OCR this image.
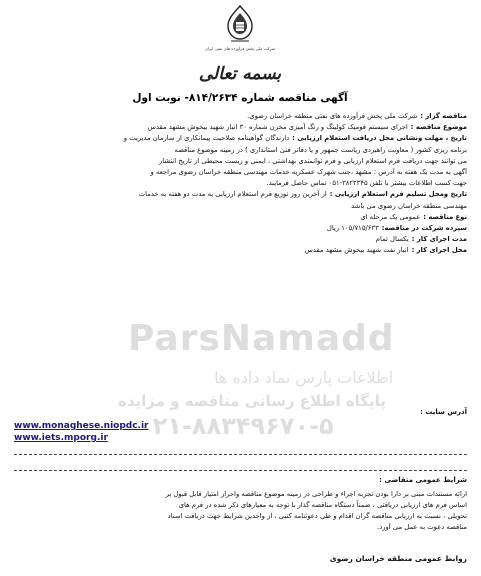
شرکت ملی پخش فرآورده های نفتی ایران
بسمه تعالی
آگهی مناقصه شماره ۸۱۴/۲۶۳۴- نوبت اول
مناقصه گزار :شرکت ملی پخش فرآورده های نفتی منطقه خراسان رضوی.
موضوع مناقصه :اجرای سیستم فومیک کولینگ و رنگ آمیزی مخزن شماره ۳۰ انبار شهید بیخوش مشهد مقدس
تاریخ ، مهلت ونشانی محل دریافت استعلام ارزیابی :دارندگان گواهینامه صلاحیت پیمانکاری از سازمان مدیریت و
برنامه ریزی کشور ( معاونت راهبردی ریاست جمهور و یا دفاتر فنی استانداری ) در زمینه موضوع مناقصه
می توانند جهت دریافت فرم استعلام ارزیابی و فرم توانمندی بهداشتی ، ایمنی و زیست محیطی از تاریخ انتشار
آگهی به مدت یک هفته به آدرس : مشهد ،جنب شهرک عسکریه خدمات مهندسی منطقه خراسان رضوی مراجعه و
جهت کسب اطلاعات بیشتر با تلفن ۳۸۲۲۳۴۵-۰۵۱ تماس حاصل فرمایند.
تاریخ ومحل تسلیم فرم استعلام ارزیابی :از آخرین روز توزیع فرم استعلام ارزیابی به مدت دو هفته به خدمات
مهندسی منطقه خراسان رضوی می باشد
نوع مناقصه :عمومی یک مرحله ای
سپرده شرکت در مناقصه:۱۰۵/۷۱۵/۶۳۳ ریال
مدت اجرای کار :یکسال تمام
محل اجرای کار :انبار نفت شهید بیخوش مشهد مقدس
آدرس سایت :
www.monaghese.niopdc.ir
www.iets.mporg.ir
شرایط عمومی متقاضی :
ارائه مستندات مبنی بر دارا بودن تجربه اجراء و طراحی در زمینه موضوع مناقصه واحراز امتیاز قابل قبول بر
اساس فرم های ارزیابی دریافتی ، ضمناً دستگاه مناقصه گذار با توجه به معیارهای ذکر شده در فرم های
تحویلی ، نسبت به ارزیابی مناقصه گران اقدام و طی دعوتنامه کتبی ، از واجدین شرایط جهت دریافت اسناد
مناقصه دعوت به عمل می آورد.
روابط عمومی منطقه خراسان رضوی
ParsNamadd
اطلاعات پارس نماد داده ها
پایگاه اطلاع رسانی مناقصه و مزایده
۰۲۱-۸۸۳۴۹۶۷۰-۵
